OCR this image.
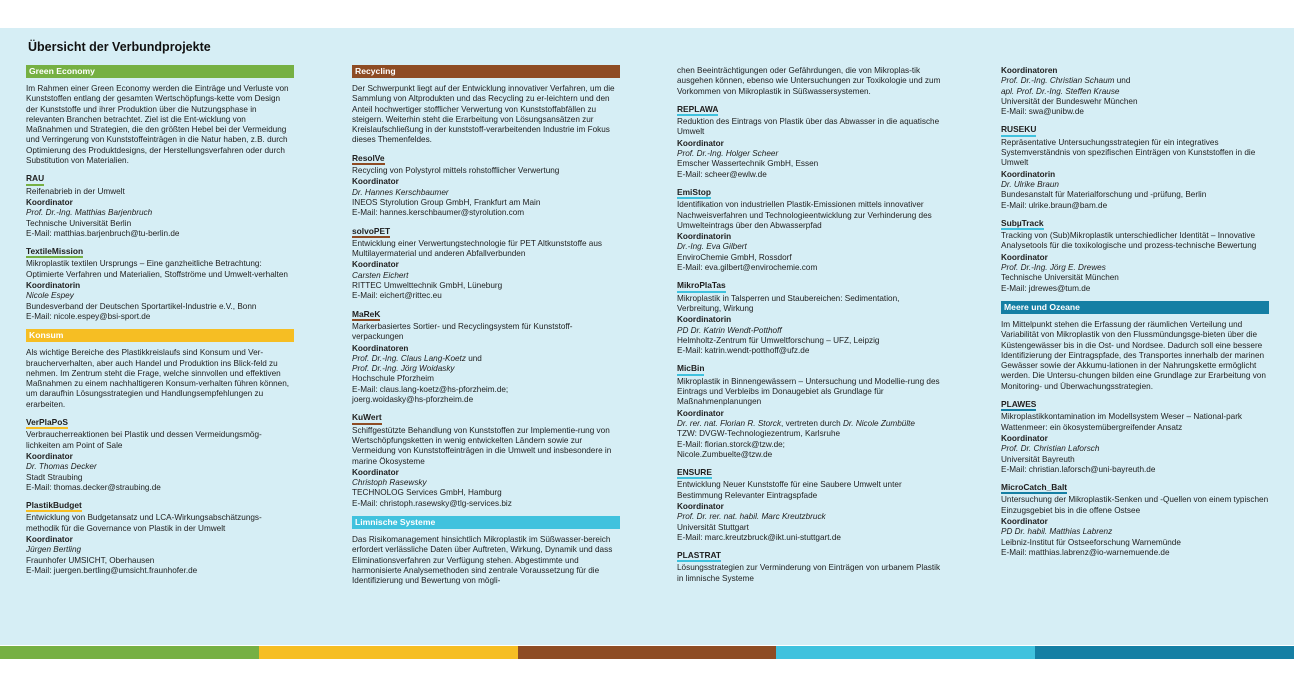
Übersicht der Verbundprojekte
Green Economy

Im Rahmen einer Green Economy werden die Einträge und Verluste von Kunststoffen entlang der gesamten Wertschöpfungs-kette vom Design der Kunststoffe und ihrer Produktion über die Nutzungsphase in relevanten Branchen betrachtet. Ziel ist die Ent-wicklung von Maßnahmen und Strategien, die den größten Hebel bei der Vermeidung und Verringerung von Kunststoffeinträgen in die Natur haben, z.B. durch Optimierung des Produktdesigns, der Herstellungsverfahren oder durch Substitution von Materialien.

RAU

Reifenabrieb in der Umwelt

Koordinator
Prof. Dr.-Ing. Matthias Barjenbruch
Technische Universität Berlin
E-Mail: matthias.barjenbruch@tu-berlin.de
TextileMission

Mikroplastik textilen Ursprungs – Eine ganzheitliche Betrachtung: Optimierte Verfahren und Materialien, Stoffströme und Umwelt-verhalten

Koordinatorin
Nicole Espey
Bundesverband der Deutschen Sportartikel-Industrie e.V., Bonn
E-Mail: nicole.espey@bsi-sport.de
Konsum

Als wichtige Bereiche des Plastikkreislaufs sind Konsum und Ver-braucherverhalten, aber auch Handel und Produktion ins Blick-feld zu nehmen. Im Zentrum steht die Frage, welche sinnvollen und effektiven Maßnahmen zu einem nachhaltigeren Konsum-verhalten führen können, um daraufhin Lösungsstrategien und Handlungsempfehlungen zu erarbeiten.

VerPlaPoS

Verbraucherreaktionen bei Plastik und dessen Vermeidungsmög-lichkeiten am Point of Sale

Koordinator
Dr. Thomas Decker
Stadt Straubing
E-Mail: thomas.decker@straubing.de
PlastikBudget

Entwicklung von Budgetansatz und LCA-Wirkungsabschätzungs-methodik für die Governance von Plastik in der Umwelt

Koordinator
Jürgen Bertling
Fraunhofer UMSICHT, Oberhausen
E-Mail: juergen.bertling@umsicht.fraunhofer.de
Recycling

Der Schwerpunkt liegt auf der Entwicklung innovativer Verfahren, um die Sammlung von Altprodukten und das Recycling zu er-leichtern und den Anteil hochwertiger stofflicher Verwertung von Kunststoffabfällen zu steigern. Weiterhin steht die Erarbeitung von Lösungsansätzen zur Kreislaufschließung in der kunststoff-verarbeitenden Industrie im Fokus dieses Themenfeldes.

ResolVe

Recycling von Polystyrol mittels rohstofflicher Verwertung

Koordinator
Dr. Hannes Kerschbaumer
INEOS Styrolution Group GmbH, Frankfurt am Main
E-Mail: hannes.kerschbaumer@styrolution.com
solvoPET

Entwicklung einer Verwertungstechnologie für PET Altkunststoffe aus Multilayermaterial und anderen Abfallverbunden

Koordinator
Carsten Eichert
RITTEC Umwelttechnik GmbH, Lüneburg
E-Mail: eichert@rittec.eu
MaReK

Markerbasiertes Sortier- und Recyclingsystem für Kunststoff-verpackungen

Koordinatoren
Prof. Dr.-Ing. Claus Lang-Koetz und
Prof. Dr.-Ing. Jörg Woidasky
Hochschule Pforzheim
E-Mail: claus.lang-koetz@hs-pforzheim.de;
joerg.woidasky@hs-pforzheim.de
KuWert

Schiffgestützte Behandlung von Kunststoffen zur Implementie-rung von Wertschöpfungsketten in wenig entwickelten Ländern sowie zur Vermeidung von Kunststoffeinträgen in die Umwelt und insbesondere in marine Ökosysteme

Koordinator
Christoph Rasewsky
TECHNOLOG Services GmbH, Hamburg
E-Mail: christoph.rasewsky@tlg-services.biz
Limnische Systeme

Das Risikomanagement hinsichtlich Mikroplastik im Süßwasser-bereich erfordert verlässliche Daten über Auftreten, Wirkung, Dynamik und dass Eliminationsverfahren zur Verfügung stehen. Abgestimmte und harmonisierte Analysemethoden sind zentrale Voraussetzung für die Identifizierung und Bewertung von mögli-

chen Beeinträchtigungen oder Gefährdungen, die von Mikroplas-tik ausgehen können, ebenso wie Untersuchungen zur Toxikologie und zum Vorkommen von Mikroplastik in Süßwassersystemen.

REPLAWA

Reduktion des Eintrags von Plastik über das Abwasser in die aquatische Umwelt

Koordinator
Prof. Dr.-Ing. Holger Scheer
Emscher Wassertechnik GmbH, Essen
E-Mail: scheer@ewlw.de
EmiStop

Identifikation von industriellen Plastik-Emissionen mittels innovativer Nachweisverfahren und Technologieentwicklung zur Verhinderung des Umwelteintrags über den Abwasserpfad

Koordinatorin
Dr.-Ing. Eva Gilbert
EnviroChemie GmbH, Rossdorf
E-Mail: eva.gilbert@envirochemie.com
MikroPlaTas

Mikroplastik in Talsperren und Staubereichen: Sedimentation, Verbreitung, Wirkung

Koordinatorin
PD Dr. Katrin Wendt-Potthoff
Helmholtz-Zentrum für Umweltforschung – UFZ, Leipzig
E-Mail: katrin.wendt-potthoff@ufz.de
MicBin

Mikroplastik in Binnengewässern – Untersuchung und Modellie-rung des Eintrags und Verbleibs im Donaugebiet als Grundlage für Maßnahmenplanungen

Koordinator
Dr. rer. nat. Florian R. Storck, vertreten durch Dr. Nicole Zumbülte
TZW: DVGW-Technologiezentrum, Karlsruhe
E-Mail: florian.storck@tzw.de;
Nicole.Zumbuelte@tzw.de
ENSURE

Entwicklung Neuer Kunststoffe für eine Saubere Umwelt unter Bestimmung Relevanter Eintragspfade

Koordinator
Prof. Dr. rer. nat. habil. Marc Kreutzbruck
Universität Stuttgart
E-Mail: marc.kreutzbruck@ikt.uni-stuttgart.de
PLASTRAT

Lösungsstrategien zur Verminderung von Einträgen von urbanem Plastik in limnische Systeme

Koordinatoren
Prof. Dr.-Ing. Christian Schaum und
apl. Prof. Dr.-Ing. Steffen Krause
Universität der Bundeswehr München
E-Mail: swa@unibw.de
RUSEKU

Repräsentative Untersuchungsstrategien für ein integratives Systemverständnis von spezifischen Einträgen von Kunststoffen in die Umwelt

Koordinatorin
Dr. Ulrike Braun
Bundesanstalt für Materialforschung und -prüfung, Berlin
E-Mail: ulrike.braun@bam.de
SubµTrack

Tracking von (Sub)Mikroplastik unterschiedlicher Identität – Innovative Analysetools für die toxikologische und prozess-technische Bewertung

Koordinator
Prof. Dr.-Ing. Jörg E. Drewes
Technische Universität München
E-Mail: jdrewes@tum.de
Meere und Ozeane

Im Mittelpunkt stehen die Erfassung der räumlichen Verteilung und Variabilität von Mikroplastik von den Flussmündungsge-bieten über die Küstengewässer bis in die Ost- und Nordsee. Dadurch soll eine bessere Identifizierung der Eintragspfade, des Transportes innerhalb der marinen Gewässer sowie der Akkumu-lationen in der Nahrungskette ermöglicht werden. Die Untersu-chungen bilden eine Grundlage zur Erarbeitung von Monitoring- und Überwachungsstrategien.

PLAWES

Mikroplastikkontamination im Modellsystem Weser – National-park Wattenmeer: ein ökosystemübergreifender Ansatz

Koordinator
Prof. Dr. Christian Laforsch
Universität Bayreuth
E-Mail: christian.laforsch@uni-bayreuth.de
MicroCatch_Balt

Untersuchung der Mikroplastik-Senken und -Quellen von einem typischen Einzugsgebiet bis in die offene Ostsee

Koordinator
PD Dr. habil. Matthias Labrenz
Leibniz-Institut für Ostseeforschung Warnemünde
E-Mail: matthias.labrenz@io-warnemuende.de
